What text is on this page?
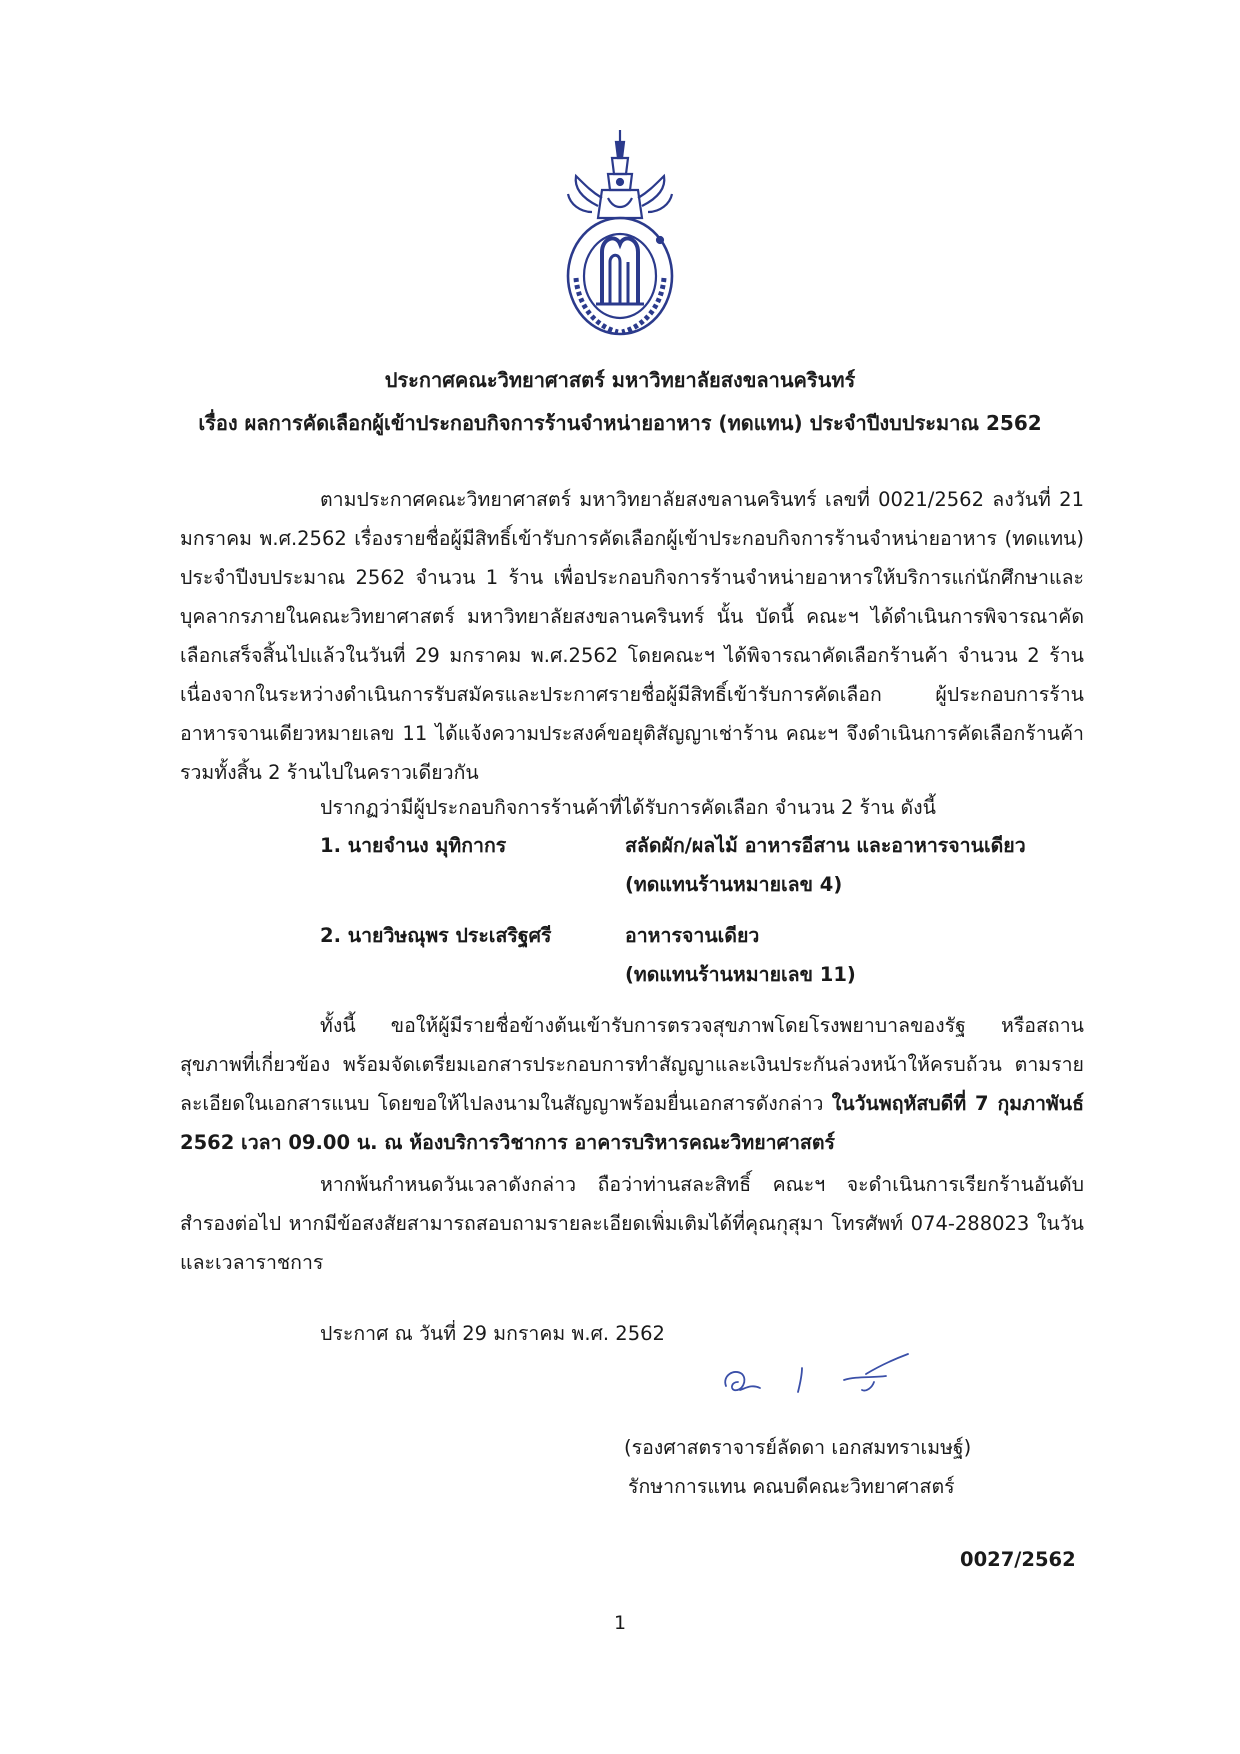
ประกาศคณะวิทยาศาสตร์ มหาวิทยาลัยสงขลานครินทร์
เรื่อง ผลการคัดเลือกผู้เข้าประกอบกิจการร้านจำหน่ายอาหาร (ทดแทน) ประจำปีงบประมาณ 2562
ตามประกาศคณะวิทยาศาสตร์ มหาวิทยาลัยสงขลานครินทร์ เลขที่ 0021/2562 ลงวันที่ 21 มกราคม พ.ศ.2562 เรื่องรายชื่อผู้มีสิทธิ์เข้ารับการคัดเลือกผู้เข้าประกอบกิจการร้านจำหน่ายอาหาร (ทดแทน) ประจำปีงบประมาณ 2562 จำนวน 1 ร้าน เพื่อประกอบกิจการร้านจำหน่ายอาหารให้บริการแก่นักศึกษาและบุคลากรภายในคณะวิทยาศาสตร์ มหาวิทยาลัยสงขลานครินทร์ นั้น บัดนี้ คณะฯ ได้ดำเนินการพิจารณาคัดเลือกเสร็จสิ้นไปแล้วในวันที่ 29 มกราคม พ.ศ.2562 โดยคณะฯ ได้พิจารณาคัดเลือกร้านค้า จำนวน 2 ร้าน เนื่องจากในระหว่างดำเนินการรับสมัครและประกาศรายชื่อผู้มีสิทธิ์เข้ารับการคัดเลือก ผู้ประกอบการร้านอาหารจานเดียวหมายเลข 11 ได้แจ้งความประสงค์ขอยุติสัญญาเช่าร้าน คณะฯ จึงดำเนินการคัดเลือกร้านค้า รวมทั้งสิ้น 2 ร้านไปในคราวเดียวกัน
ปรากฏว่ามีผู้ประกอบกิจการร้านค้าที่ได้รับการคัดเลือก จำนวน 2 ร้าน ดังนี้
1. นายจำนง มุทิกากร	สลัดผัก/ผลไม้ อาหารอีสาน และอาหารจานเดียว
(ทดแทนร้านหมายเลข 4)
2. นายวิษณุพร ประเสริฐศรี	อาหารจานเดียว
(ทดแทนร้านหมายเลข 11)
ทั้งนี้ ขอให้ผู้มีรายชื่อข้างต้นเข้ารับการตรวจสุขภาพโดยโรงพยาบาลของรัฐ หรือสถานสุขภาพที่เกี่ยวข้อง พร้อมจัดเตรียมเอกสารประกอบการทำสัญญาและเงินประกันล่วงหน้าให้ครบถ้วน ตามรายละเอียดในเอกสารแนบ โดยขอให้ไปลงนามในสัญญาพร้อมยื่นเอกสารดังกล่าว ในวันพฤหัสบดีที่ 7 กุมภาพันธ์ 2562 เวลา 09.00 น. ณ ห้องบริการวิชาการ อาคารบริหารคณะวิทยาศาสตร์
หากพ้นกำหนดวันเวลาดังกล่าว ถือว่าท่านสละสิทธิ์ คณะฯ จะดำเนินการเรียกร้านอันดับสำรองต่อไป หากมีข้อสงสัยสามารถสอบถามรายละเอียดเพิ่มเติมได้ที่คุณกุสุมา โทรศัพท์ 074-288023 ในวันและเวลาราชการ
ประกาศ ณ วันที่ 29 มกราคม พ.ศ. 2562
(รองศาสตราจารย์ลัดดา เอกสมทราเมษฐ์)
รักษาการแทน คณบดีคณะวิทยาศาสตร์
0027/2562
1
